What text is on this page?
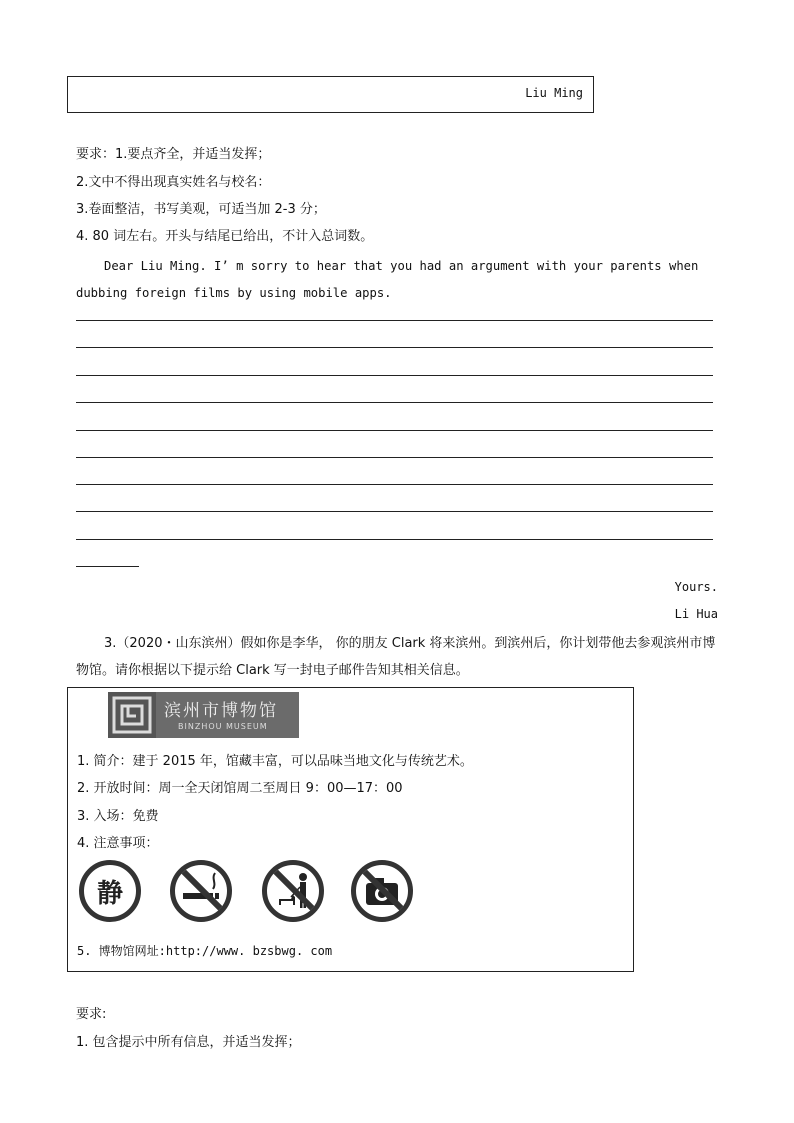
Liu Ming
要求：1.要点齐全，并适当发挥；
2.文中不得出现真实姓名与校名：
3.卷面整洁，书写美观，可适当加 2-3 分；
4. 80 词左右。开头与结尾已给出，不计入总词数。
Dear Liu Ming. I’ m sorry to hear that you had an argument with your parents when dubbing foreign films by using mobile apps.
Yours.
Li Hua
3.（2020・山东滨州）假如你是李华， 你的朋友 Clark 将来滨州。到滨州后，你计划带他去参观滨州市博物馆。请你根据以下提示给 Clark 写一封电子邮件告知其相关信息。
滨州市博物馆
BINZHOU MUSEUM
1. 简介：建于 2015 年，馆藏丰富，可以品味当地文化与传统艺术。
2. 开放时间：周一全天闭馆周二至周日 9：00—17：00
3. 入场：免费
4. 注意事项：
静
5. 博物馆网址:http://www. bzsbwg. com
要求:
1. 包含提示中所有信息，并适当发挥；
